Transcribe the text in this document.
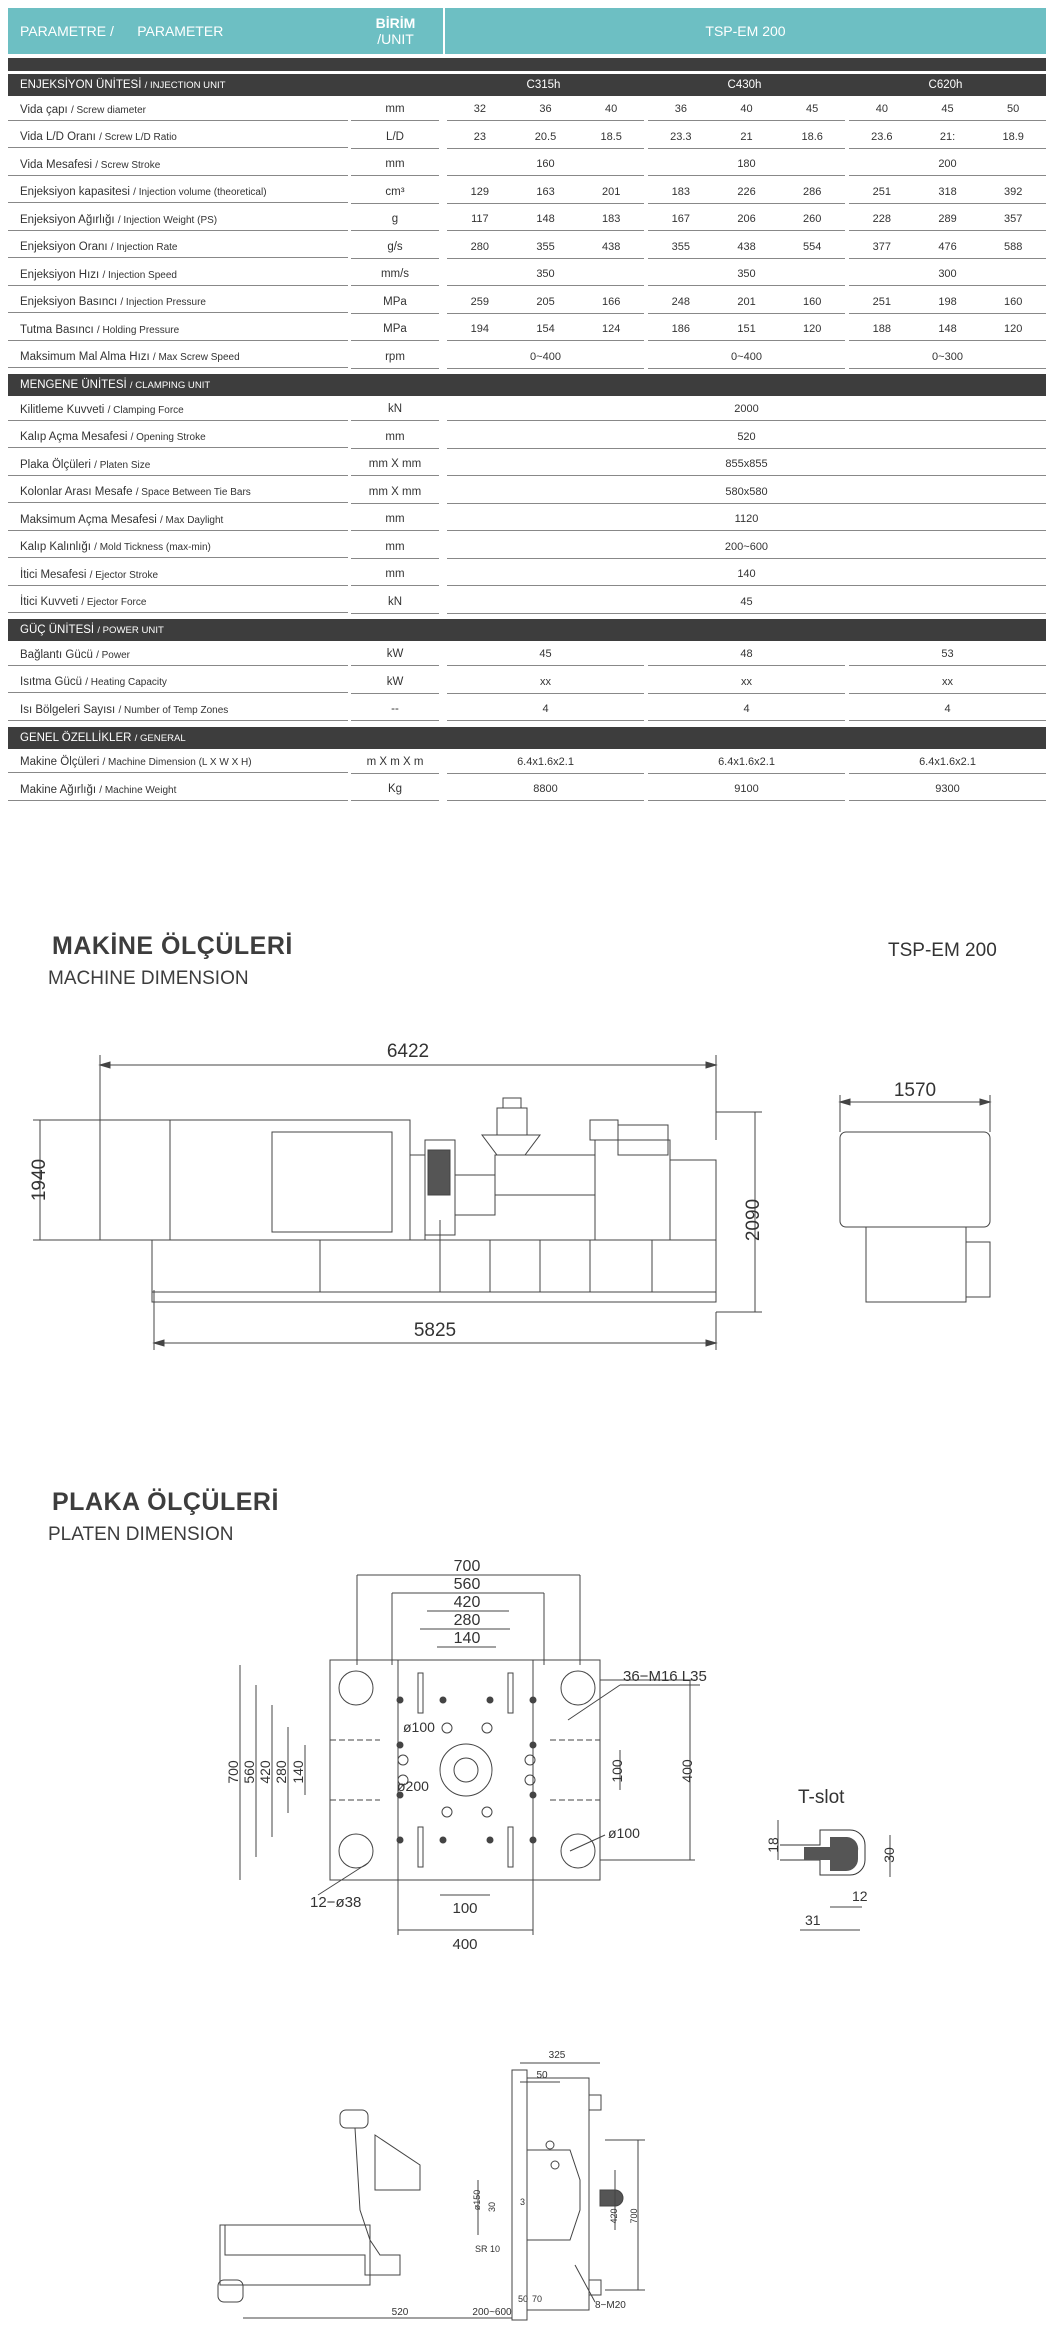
PARAMETRE /
PARAMETER	BİRİM
/UNIT	TSP-EM 200
ENJEKSİYON ÜNİTESİ / INJECTION UNIT	C315h	C430h	C620h
Vida çapı / Screw diameter	mm	32	36	40	36	40	45	40	45	50
Vida L/D Oranı / Screw L/D Ratio	L/D	23	20.5	18.5	23.3	21	18.6	23.6	21:	18.9
Vida Mesafesi / Screw Stroke	mm	160	180	200
Enjeksiyon kapasitesi / Injection volume (theoretical)	cm³	129	163	201	183	226	286	251	318	392
Enjeksiyon Ağırlığı / Injection Weight (PS)	g	117	148	183	167	206	260	228	289	357
Enjeksiyon Oranı / Injection Rate	g/s	280	355	438	355	438	554	377	476	588
Enjeksiyon Hızı / Injection Speed	mm/s	350	350	300
Enjeksiyon Basıncı / Injection Pressure	MPa	259	205	166	248	201	160	251	198	160
Tutma Basıncı / Holding Pressure	MPa	194	154	124	186	151	120	188	148	120
Maksimum Mal Alma Hızı / Max Screw Speed	rpm	0~400	0~400	0~300
MENGENE ÜNİTESİ / CLAMPING UNIT
Kilitleme Kuvveti / Clamping Force	kN	2000
Kalıp Açma Mesafesi / Opening Stroke	mm	520
Plaka Ölçüleri / Platen Size	mm X mm	855x855
Kolonlar Arası Mesafe / Space Between Tie Bars	mm X mm	580x580
Maksimum Açma Mesafesi / Max Daylight	mm	1120
Kalıp Kalınlığı / Mold Tickness (max-min)	mm	200~600
İtici Mesafesi / Ejector Stroke	mm	140
İtici Kuvveti / Ejector Force	kN	45
GÜÇ ÜNİTESİ / POWER UNIT
Bağlantı Gücü / Power	kW	45	48	53
Isıtma Gücü / Heating Capacity	kW	xx	xx	xx
Isı Bölgeleri Sayısı / Number of Temp Zones	--	4	4	4
GENEL ÖZELLİKLER / GENERAL
Makine Ölçüleri / Machine Dimension (L X W X H)	m X m X m	6.4x1.6x2.1	6.4x1.6x2.1	6.4x1.6x2.1
Makine Ağırlığı / Machine Weight	Kg	8800	9100	9300
MAKİNE ÖLÇÜLERİ
MACHINE DIMENSION
TSP-EM 200
6422
1940
2090
5825
1570
PLAKA ÖLÇÜLERİ
PLATEN DIMENSION
700
560
420
280
140
700 560 420 280 140	100	400
36−M16 L35
ø100
ø200
ø100
12−ø38	100
400
T-slot
18
30
12
31
325
50
700
420
ø150 30
SR 10
3
520	200~600
50 70
8−M20
